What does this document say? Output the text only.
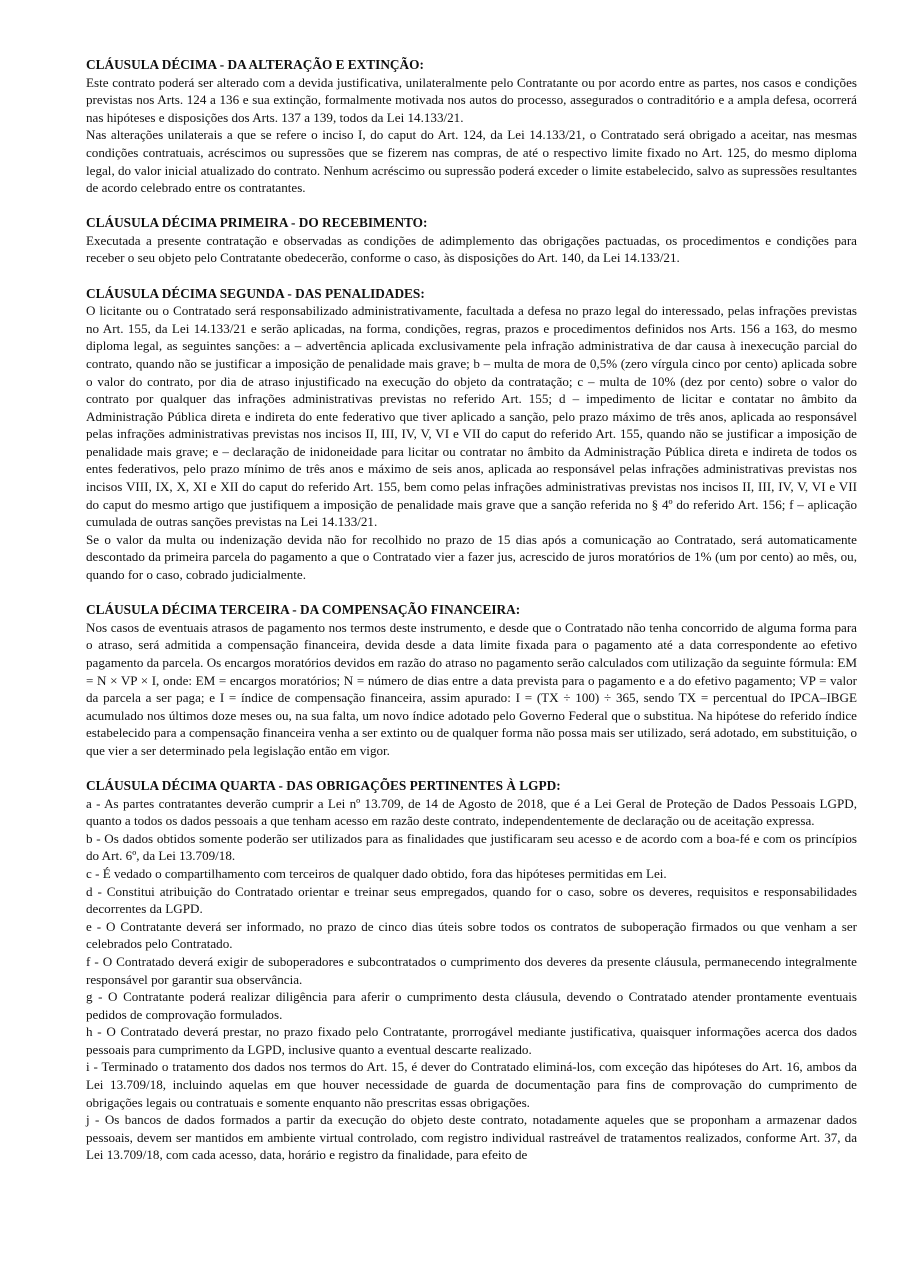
CLÁUSULA DÉCIMA - DA ALTERAÇÃO E EXTINÇÃO:

Este contrato poderá ser alterado com a devida justificativa, unilateralmente pelo Contratante ou por acordo entre as partes, nos casos e condições previstas nos Arts. 124 a 136 e sua extinção, formalmente motivada nos autos do processo, assegurados o contraditório e a ampla defesa, ocorrerá nas hipóteses e disposições dos Arts. 137 a 139, todos da Lei 14.133/21.

Nas alterações unilaterais a que se refere o inciso I, do caput do Art. 124, da Lei 14.133/21, o Contratado será obrigado a aceitar, nas mesmas condições contratuais, acréscimos ou supressões que se fizerem nas compras, de até o respectivo limite fixado no Art. 125, do mesmo diploma legal, do valor inicial atualizado do contrato. Nenhum acréscimo ou supressão poderá exceder o limite estabelecido, salvo as supressões resultantes de acordo celebrado entre os contratantes.

CLÁUSULA DÉCIMA PRIMEIRA - DO RECEBIMENTO:

Executada a presente contratação e observadas as condições de adimplemento das obrigações pactuadas, os procedimentos e condições para receber o seu objeto pelo Contratante obedecerão, conforme o caso, às disposições do Art. 140, da Lei 14.133/21.

CLÁUSULA DÉCIMA SEGUNDA - DAS PENALIDADES:

O licitante ou o Contratado será responsabilizado administrativamente, facultada a defesa no prazo legal do interessado, pelas infrações previstas no Art. 155, da Lei 14.133/21 e serão aplicadas, na forma, condições, regras, prazos e procedimentos definidos nos Arts. 156 a 163, do mesmo diploma legal, as seguintes sanções: a – advertência aplicada exclusivamente pela infração administrativa de dar causa à inexecução parcial do contrato, quando não se justificar a imposição de penalidade mais grave; b – multa de mora de 0,5% (zero vírgula cinco por cento) aplicada sobre o valor do contrato, por dia de atraso injustificado na execução do objeto da contratação; c – multa de 10% (dez por cento) sobre o valor do contrato por qualquer das infrações administrativas previstas no referido Art. 155; d – impedimento de licitar e contatar no âmbito da Administração Pública direta e indireta do ente federativo que tiver aplicado a sanção, pelo prazo máximo de três anos, aplicada ao responsável pelas infrações administrativas previstas nos incisos II, III, IV, V, VI e VII do caput do referido Art. 155, quando não se justificar a imposição de penalidade mais grave; e – declaração de inidoneidade para licitar ou contratar no âmbito da Administração Pública direta e indireta de todos os entes federativos, pelo prazo mínimo de três anos e máximo de seis anos, aplicada ao responsável pelas infrações administrativas previstas nos incisos VIII, IX, X, XI e XII do caput do referido Art. 155, bem como pelas infrações administrativas previstas nos incisos II, III, IV, V, VI e VII do caput do mesmo artigo que justifiquem a imposição de penalidade mais grave que a sanção referida no § 4º do referido Art. 156; f – aplicação cumulada de outras sanções previstas na Lei 14.133/21.

Se o valor da multa ou indenização devida não for recolhido no prazo de 15 dias após a comunicação ao Contratado, será automaticamente descontado da primeira parcela do pagamento a que o Contratado vier a fazer jus, acrescido de juros moratórios de 1% (um por cento) ao mês, ou, quando for o caso, cobrado judicialmente.

CLÁUSULA DÉCIMA TERCEIRA - DA COMPENSAÇÃO FINANCEIRA:

Nos casos de eventuais atrasos de pagamento nos termos deste instrumento, e desde que o Contratado não tenha concorrido de alguma forma para o atraso, será admitida a compensação financeira, devida desde a data limite fixada para o pagamento até a data correspondente ao efetivo pagamento da parcela. Os encargos moratórios devidos em razão do atraso no pagamento serão calculados com utilização da seguinte fórmula: EM = N × VP × I, onde: EM = encargos moratórios; N = número de dias entre a data prevista para o pagamento e a do efetivo pagamento; VP = valor da parcela a ser paga; e I = índice de compensação financeira, assim apurado: I = (TX ÷ 100) ÷ 365, sendo TX = percentual do IPCA–IBGE acumulado nos últimos doze meses ou, na sua falta, um novo índice adotado pelo Governo Federal que o substitua. Na hipótese do referido índice estabelecido para a compensação financeira venha a ser extinto ou de qualquer forma não possa mais ser utilizado, será adotado, em substituição, o que vier a ser determinado pela legislação então em vigor.

CLÁUSULA DÉCIMA QUARTA - DAS OBRIGAÇÕES PERTINENTES À LGPD:

a - As partes contratantes deverão cumprir a Lei nº 13.709, de 14 de Agosto de 2018, que é a Lei Geral de Proteção de Dados Pessoais LGPD, quanto a todos os dados pessoais a que tenham acesso em razão deste contrato, independentemente de declaração ou de aceitação expressa.

b - Os dados obtidos somente poderão ser utilizados para as finalidades que justificaram seu acesso e de acordo com a boa-fé e com os princípios do Art. 6º, da Lei 13.709/18.

c - É vedado o compartilhamento com terceiros de qualquer dado obtido, fora das hipóteses permitidas em Lei.

d - Constitui atribuição do Contratado orientar e treinar seus empregados, quando for o caso, sobre os deveres, requisitos e responsabilidades decorrentes da LGPD.

e - O Contratante deverá ser informado, no prazo de cinco dias úteis sobre todos os contratos de suboperação firmados ou que venham a ser celebrados pelo Contratado.

f - O Contratado deverá exigir de suboperadores e subcontratados o cumprimento dos deveres da presente cláusula, permanecendo integralmente responsável por garantir sua observância.

g - O Contratante poderá realizar diligência para aferir o cumprimento desta cláusula, devendo o Contratado atender prontamente eventuais pedidos de comprovação formulados.

h - O Contratado deverá prestar, no prazo fixado pelo Contratante, prorrogável mediante justificativa, quaisquer informações acerca dos dados pessoais para cumprimento da LGPD, inclusive quanto a eventual descarte realizado.

i - Terminado o tratamento dos dados nos termos do Art. 15, é dever do Contratado eliminá-los, com exceção das hipóteses do Art. 16, ambos da Lei 13.709/18, incluindo aquelas em que houver necessidade de guarda de documentação para fins de comprovação do cumprimento de obrigações legais ou contratuais e somente enquanto não prescritas essas obrigações.

j - Os bancos de dados formados a partir da execução do objeto deste contrato, notadamente aqueles que se proponham a armazenar dados pessoais, devem ser mantidos em ambiente virtual controlado, com registro individual rastreável de tratamentos realizados, conforme Art. 37, da Lei 13.709/18, com cada acesso, data, horário e registro da finalidade, para efeito de
